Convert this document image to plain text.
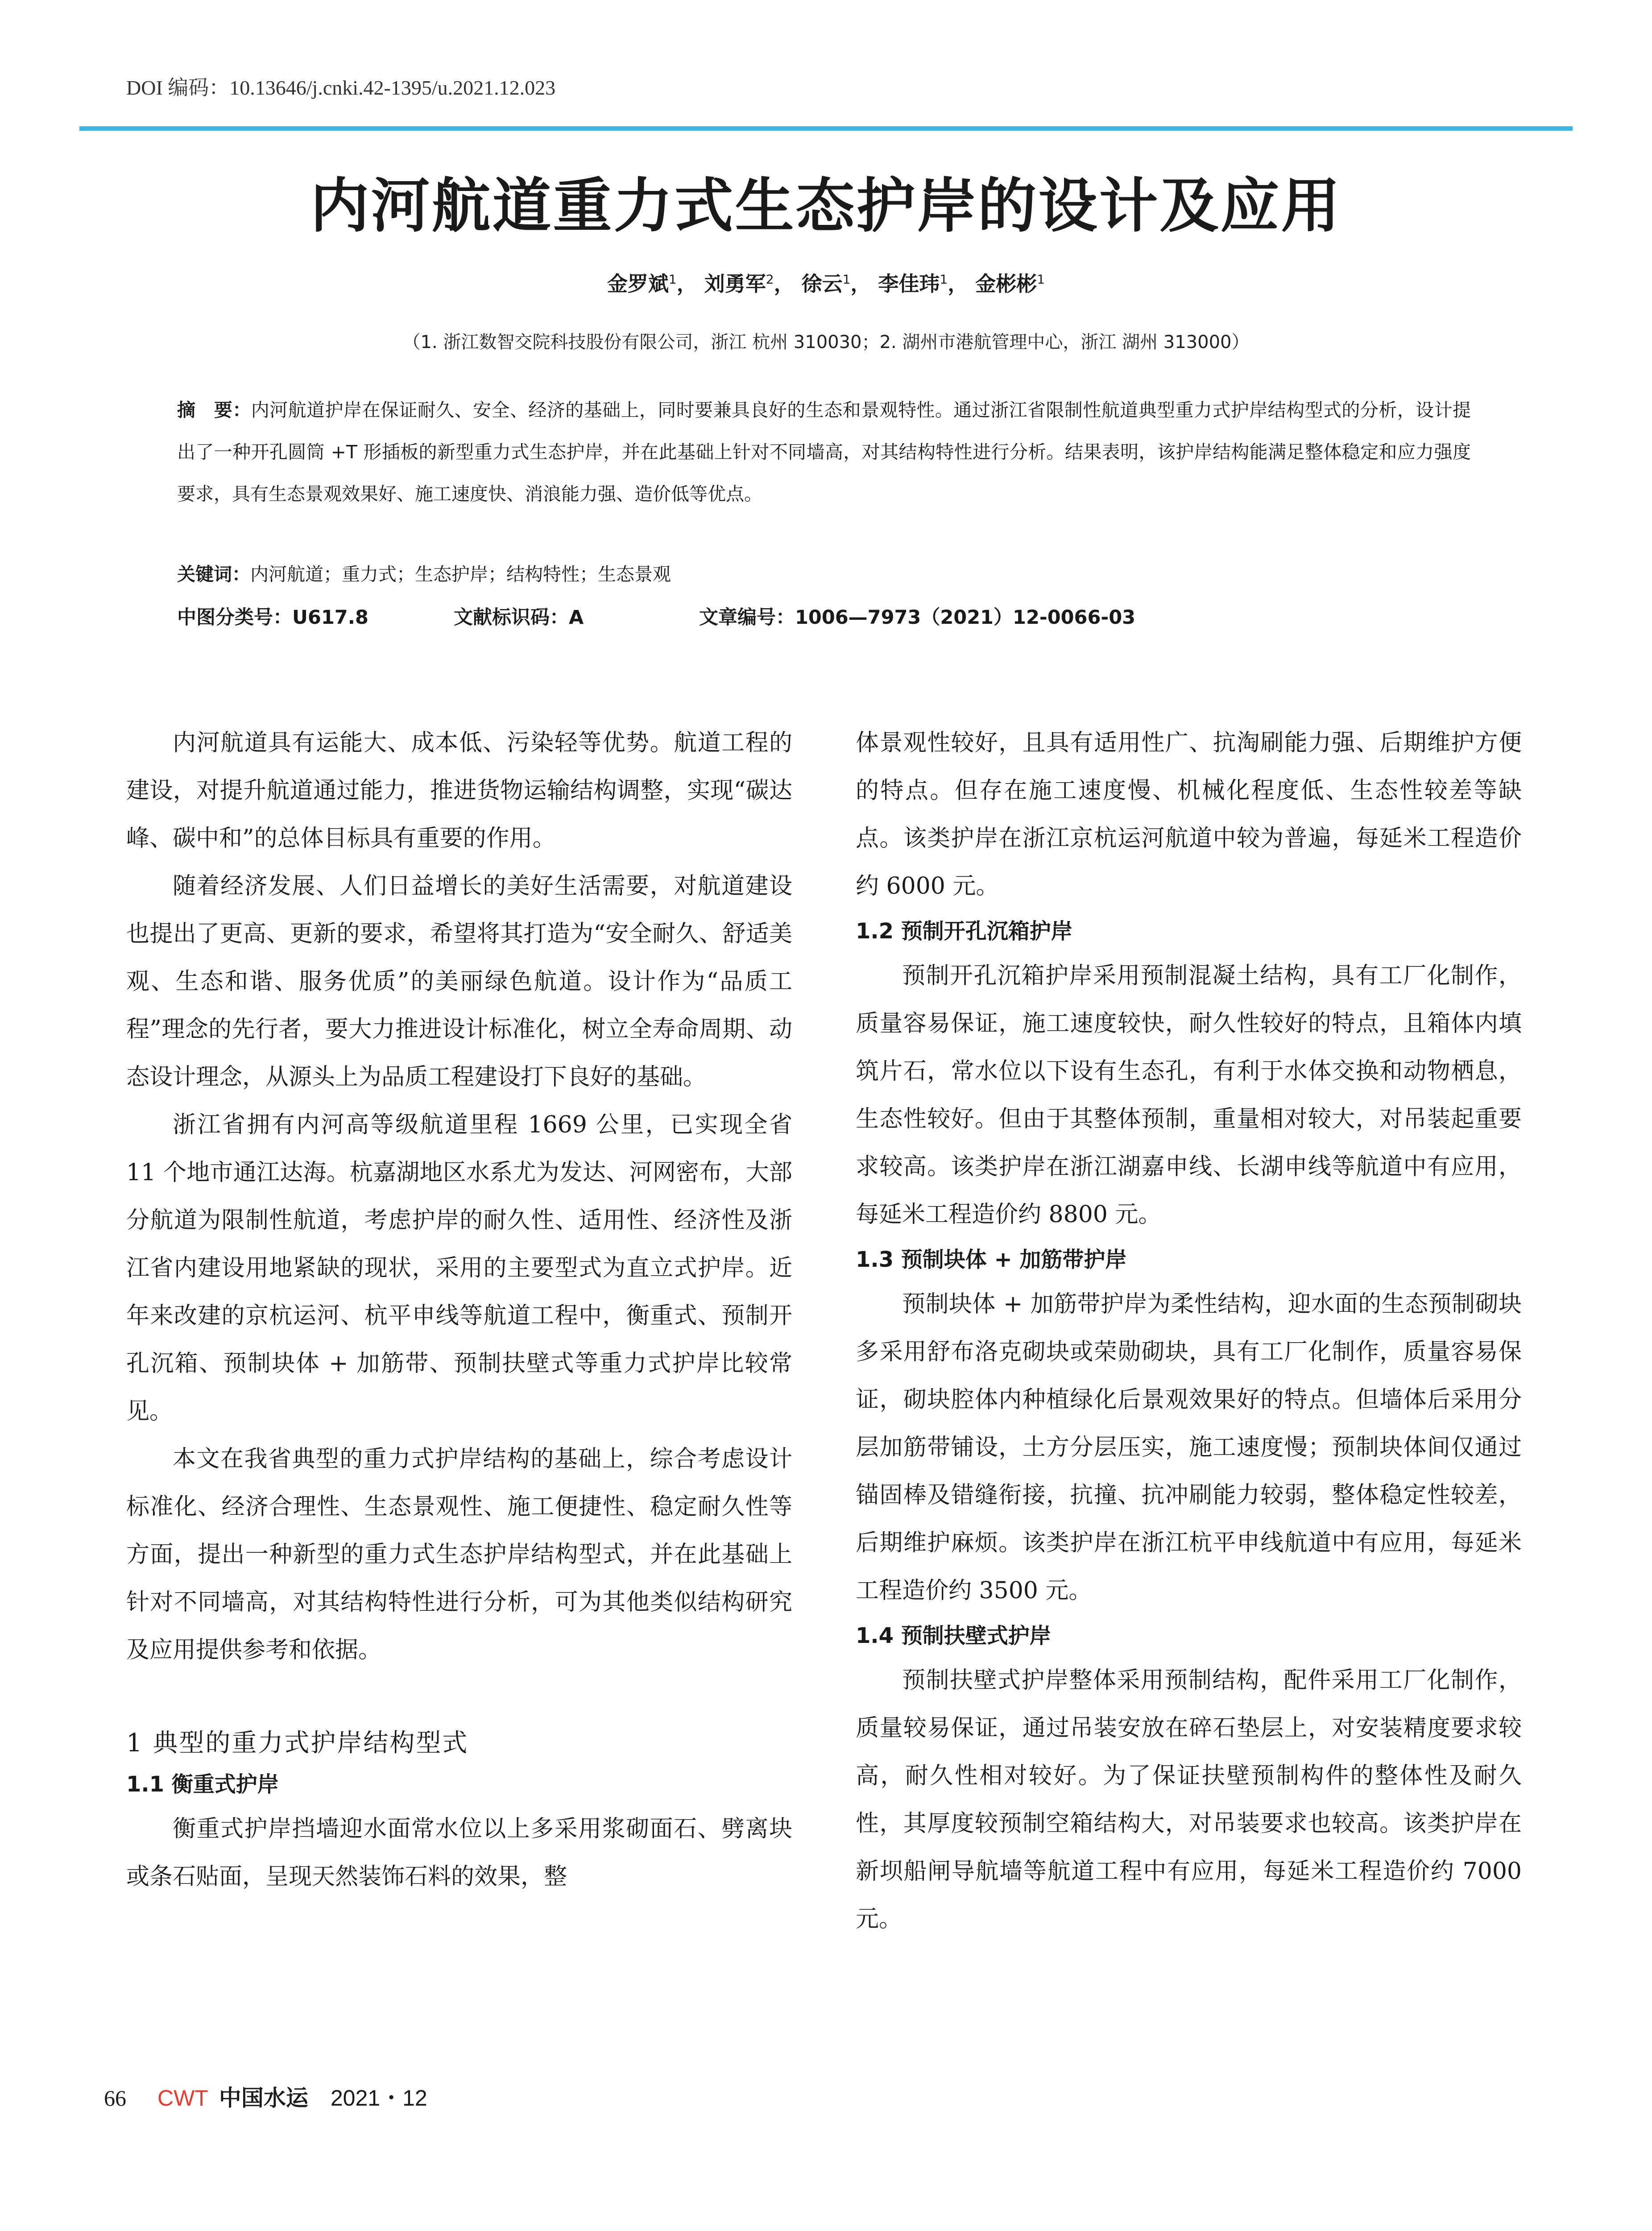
DOI 编码：10.13646/j.cnki.42-1395/u.2021.12.023
内河航道重力式生态护岸的设计及应用
金罗斌$^1$， 刘勇军$^2$， 徐云$^1$， 李佳玮$^1$， 金彬彬$^1$
（1. 浙江数智交院科技股份有限公司，浙江 杭州 310030；2. 湖州市港航管理中心，浙江 湖州 313000）
摘　要：内河航道护岸在保证耐久、安全、经济的基础上，同时要兼具良好的生态和景观特性。通过浙江省限制性航道典型重力式护岸结构型式的分析，设计提出了一种开孔圆筒 +T 形插板的新型重力式生态护岸，并在此基础上针对不同墙高，对其结构特性进行分析。结果表明，该护岸结构能满足整体稳定和应力强度要求，具有生态景观效果好、施工速度快、消浪能力强、造价低等优点。
关键词：内河航道；重力式；生态护岸；结构特性；生态景观
中图分类号：U617.8	文献标识码：A	文章编号：1006—7973（2021）12-0066-03

内河航道具有运能大、成本低、污染轻等优势。航道工程的建设，对提升航道通过能力，推进货物运输结构调整，实现“碳达峰、碳中和”的总体目标具有重要的作用。

随着经济发展、人们日益增长的美好生活需要，对航道建设也提出了更高、更新的要求，希望将其打造为“安全耐久、舒适美观、生态和谐、服务优质”的美丽绿色航道。设计作为“品质工程”理念的先行者，要大力推进设计标准化，树立全寿命周期、动态设计理念，从源头上为品质工程建设打下良好的基础。

浙江省拥有内河高等级航道里程 1669 公里，已实现全省 11 个地市通江达海。杭嘉湖地区水系尤为发达、河网密布，大部分航道为限制性航道，考虑护岸的耐久性、适用性、经济性及浙江省内建设用地紧缺的现状，采用的主要型式为直立式护岸。近年来改建的京杭运河、杭平申线等航道工程中，衡重式、预制开孔沉箱、预制块体 + 加筋带、预制扶壁式等重力式护岸比较常见。

本文在我省典型的重力式护岸结构的基础上，综合考虑设计标准化、经济合理性、生态景观性、施工便捷性、稳定耐久性等方面，提出一种新型的重力式生态护岸结构型式，并在此基础上针对不同墙高，对其结构特性进行分析，可为其他类似结构研究及应用提供参考和依据。

1 典型的重力式护岸结构型式
1.1 衡重式护岸

衡重式护岸挡墙迎水面常水位以上多采用浆砌面石、劈离块或条石贴面，呈现天然装饰石料的效果，整

体景观性较好，且具有适用性广、抗淘刷能力强、后期维护方便的特点。但存在施工速度慢、机械化程度低、生态性较差等缺点。该类护岸在浙江京杭运河航道中较为普遍，每延米工程造价约 6000 元。

1.2 预制开孔沉箱护岸

预制开孔沉箱护岸采用预制混凝土结构，具有工厂化制作，质量容易保证，施工速度较快，耐久性较好的特点，且箱体内填筑片石，常水位以下设有生态孔，有利于水体交换和动物栖息，生态性较好。但由于其整体预制，重量相对较大，对吊装起重要求较高。该类护岸在浙江湖嘉申线、长湖申线等航道中有应用，每延米工程造价约 8800 元。

1.3 预制块体 + 加筋带护岸

预制块体 + 加筋带护岸为柔性结构，迎水面的生态预制砌块多采用舒布洛克砌块或荣勋砌块，具有工厂化制作，质量容易保证，砌块腔体内种植绿化后景观效果好的特点。但墙体后采用分层加筋带铺设，土方分层压实，施工速度慢；预制块体间仅通过锚固棒及错缝衔接，抗撞、抗冲刷能力较弱，整体稳定性较差，后期维护麻烦。该类护岸在浙江杭平申线航道中有应用，每延米工程造价约 3500 元。

1.4 预制扶壁式护岸

预制扶壁式护岸整体采用预制结构，配件采用工厂化制作，质量较易保证，通过吊装安放在碎石垫层上，对安装精度要求较高，耐久性相对较好。为了保证扶壁预制构件的整体性及耐久性，其厚度较预制空箱结构大，对吊装要求也较高。该类护岸在新坝船闸导航墙等航道工程中有应用，每延米工程造价约 7000 元。

66 CWT 中国水运 2021・12
